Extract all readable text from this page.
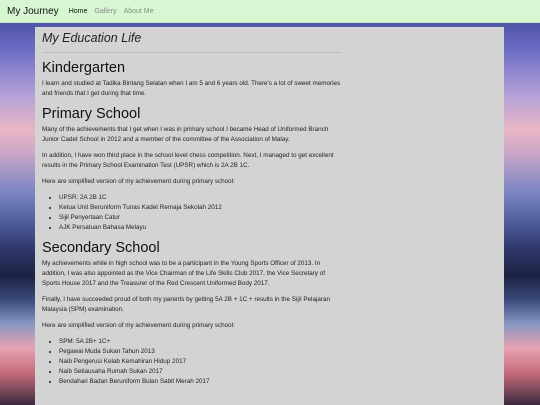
My Journey Home Gallery About Me
My Education Life
Kindergarten

I learn and studied at Tadika Bintang Selatan when I am 5 and 6 years old. There's a lot of sweet memories and friends that I get during that time.

Primary School

Many of the achievements that I get when I was in primary school I became Head of Uniformed Branch Junior Cadet School in 2012 and a member of the committee of the Association of Malay.

In addition, I have won third place in the school level chess competition. Next, I managed to get excellent results in the Primary School Examination Test (UPSR) which is 2A 2B 1C.

Here are simplified version of my achievement during primary school:

• UPSR: 2A 2B 1C
• Ketua Unit Beruniform Tunas Kadet Remaja Sekolah 2012
• Sijil Penyertaan Catur
• AJK Persatuan Bahasa Melayu
Secondary School

My achievements while in high school was to be a participant in the Young Sports Officer of 2013. In addition, I was also appointed as the Vice Chairman of the Life Skills Club 2017, the Vice Secretary of Sports House 2017 and the Treasurer of the Red Crescent Uniformed Body 2017.

Finally, I have succeeded proud of both my parents by getting 5A 2B + 1C + results in the Sijil Pelajaran Malaysia (SPM) examination.

Here are simplified version of my achievement during primary school:

• SPM: 5A 2B+ 1C+
• Pegawai Muda Sukan Tahun 2013
• Naib Pengerusi Kelab Kemahiran Hidup 2017
• Naib Setiausaha Rumah Sukan 2017
• Bendahari Badan Beruniform Bulan Sabit Merah 2017
